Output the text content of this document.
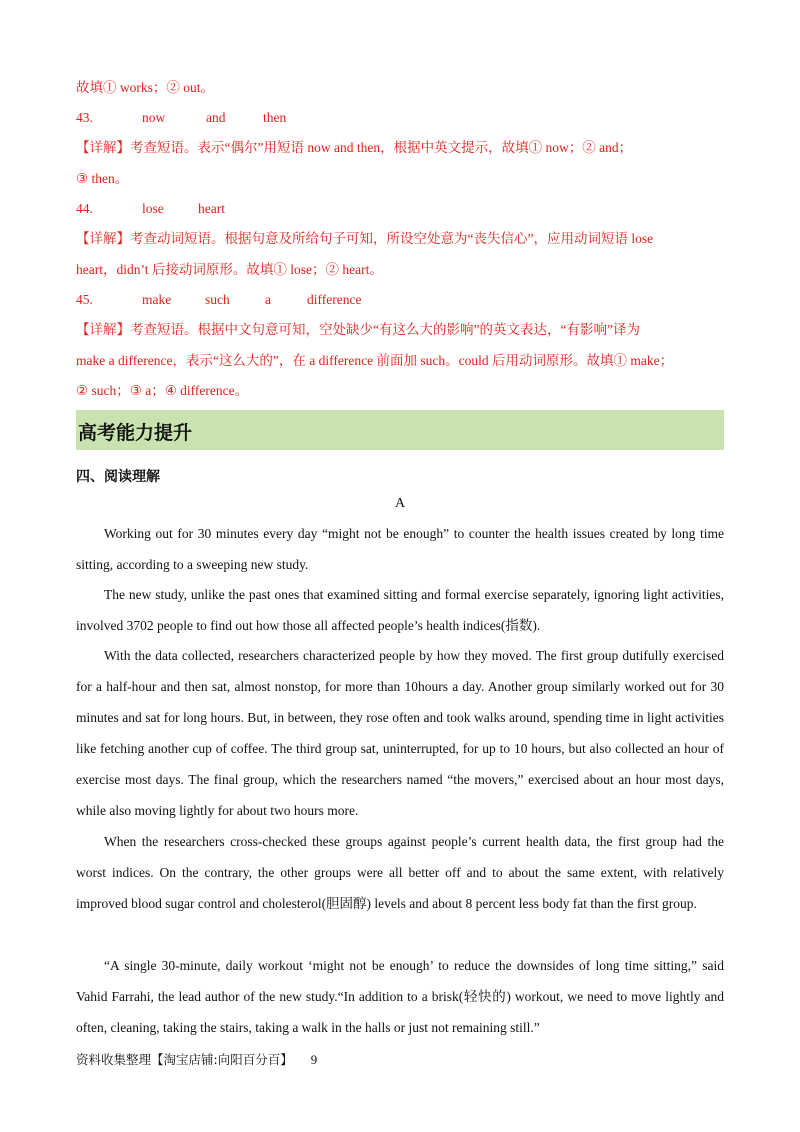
故填① works；② out。
43.	now	and	then
【详解】考查短语。表示“偶尔”用短语 now and then，根据中英文提示，故填① now；② and；
③ then。
44.	lose	heart
【详解】考查动词短语。根据句意及所给句子可知，所设空处意为“丧失信心”，应用动词短语 lose
heart，didn’t 后接动词原形。故填① lose；② heart。
45.	make	such	a	difference
【详解】考查短语。根据中文句意可知，空处缺少“有这么大的影响”的英文表达，“有影响”译为
make a difference，表示“这么大的”，在 a difference 前面加 such。could 后用动词原形。故填① make；
② such；③ a；④ difference。
高考能力提升
四、阅读理解
A

Working out for 30 minutes every day “might not be enough” to counter the health issues created by long time sitting, according to a sweeping new study.

The new study, unlike the past ones that examined sitting and formal exercise separately, ignoring light activities, involved 3702 people to find out how those all affected people’s health indices(指数).

With the data collected, researchers characterized people by how they moved. The first group dutifully exercised for a half-hour and then sat, almost nonstop, for more than 10hours a day. Another group similarly worked out for 30 minutes and sat for long hours. But, in between, they rose often and took walks around, spending time in light activities like fetching another cup of coffee. The third group sat, uninterrupted, for up to 10 hours, but also collected an hour of exercise most days. The final group, which the researchers named “the movers,” exercised about an hour most days, while also moving lightly for about two hours more.

When the researchers cross-checked these groups against people’s current health data, the first group had the worst indices. On the contrary, the other groups were all better off and to about the same extent, with relatively improved blood sugar control and cholesterol(胆固醇) levels and about 8 percent less body fat than the first group.

“A single 30-minute, daily workout ‘might not be enough’ to reduce the downsides of long time sitting,” said Vahid Farrahi, the lead author of the new study.“In addition to a brisk(轻快的) workout, we need to move lightly and often, cleaning, taking the stairs, taking a walk in the halls or just not remaining still.”

资料收集整理【淘宝店铺:向阳百分百】 9
